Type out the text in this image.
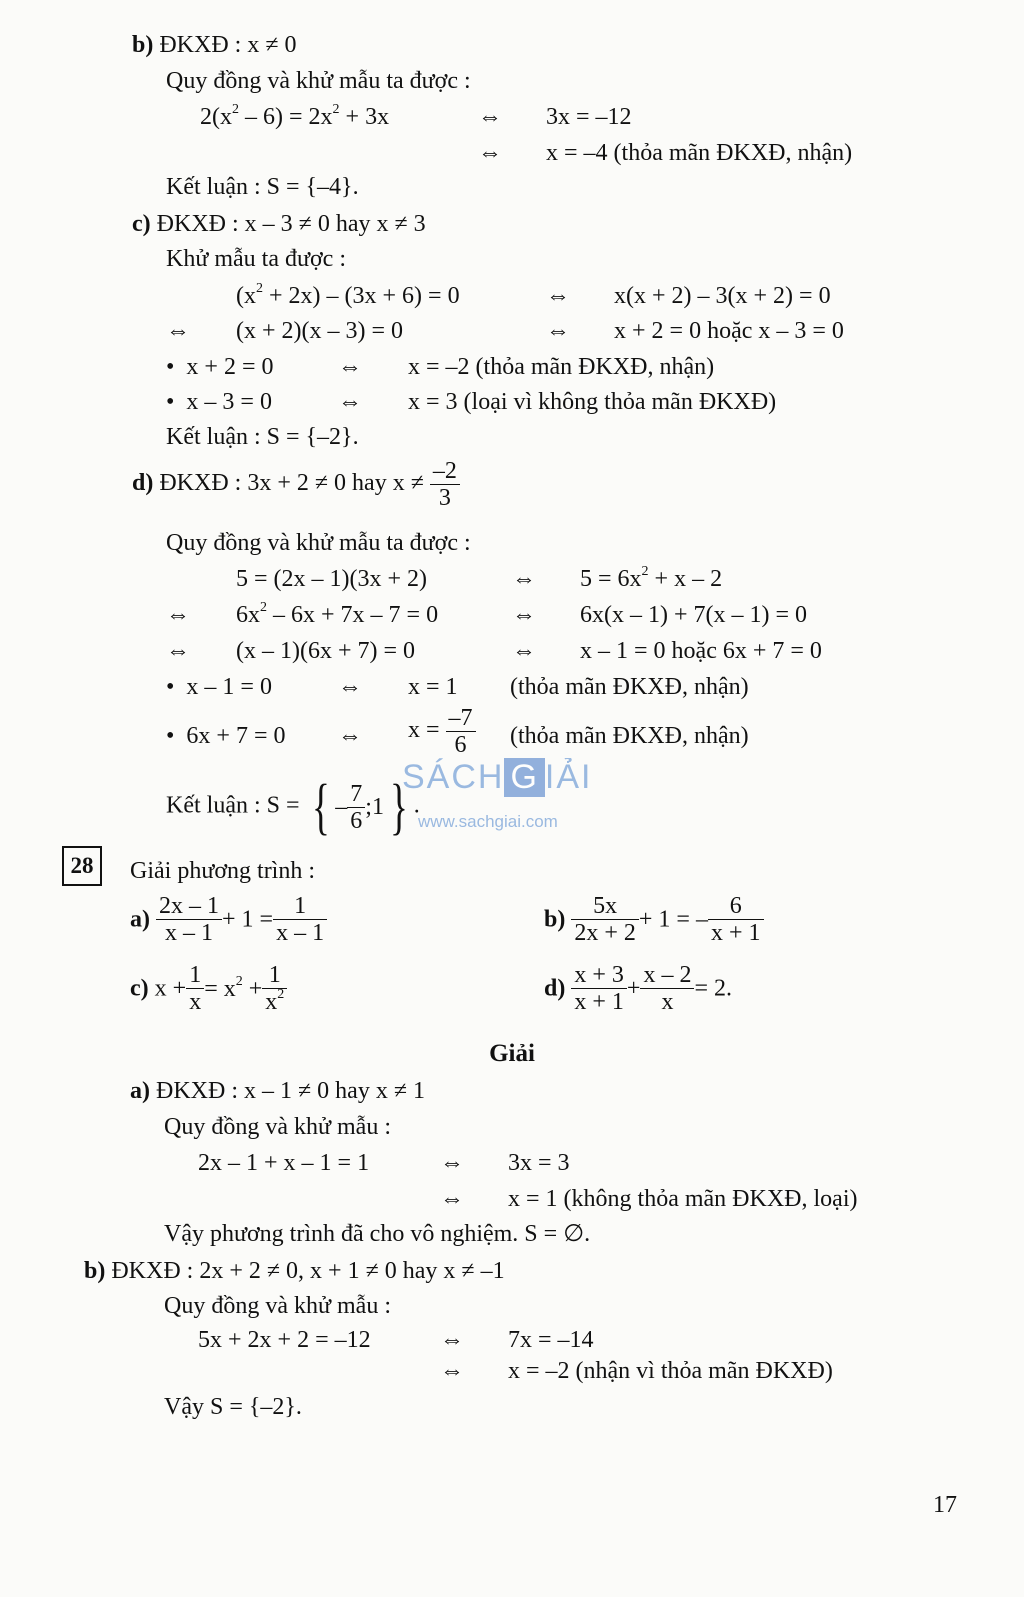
b) ĐKXĐ : x ≠ 0
Quy đồng và khử mẫu ta được :
$2(x^2 - 6) = 2x^2 + 3x$	⇔ 3x = –12
⇔ x = –4 (thỏa mãn ĐKXĐ, nhận)
Kết luận : S = {–4}.
c) ĐKXĐ : x – 3 ≠ 0 hay x ≠ 3
Khử mẫu ta được :
$(x^2 + 2x) - (3x + 6) = 0$	⇔ x(x + 2) – 3(x + 2) = 0
⇔ (x + 2)(x – 3) = 0	⇔ x + 2 = 0 hoặc x – 3 = 0
•  x + 2 = 0	⇔ x = –2 (thỏa mãn ĐKXĐ, nhận)
•  x – 3 = 0	⇔ x = 3 (loại vì không thỏa mãn ĐKXĐ)
Kết luận : S = {–2}.
d) ĐKXĐ : 3x + 2 ≠ 0 hay $x \ne \frac{-2}{3}$
Quy đồng và khử mẫu ta được :
5 = (2x – 1)(3x + 2)	⇔ $5 = 6x^2 + x - 2$
⇔ $6x^2 - 6x + 7x - 7 = 0$	⇔ 6x(x – 1) + 7(x – 1) = 0
⇔ (x – 1)(6x + 7) = 0	⇔ x – 1 = 0 hoặc 6x + 7 = 0
•  x – 1 = 0	⇔ x = 1 (thỏa mãn ĐKXĐ, nhận)
•  6x + 7 = 0 ⇔ $x = \frac{-7}{6}$ (thỏa mãn ĐKXĐ, nhận)
SÁCH G IẢI
www.sachgiai.com
Kết luận : S = { – $\frac{7}{6}$ ;1} .
28	Giải phương trình :
$a) \frac{2x - 1}{x - 1} + 1 = \frac{1}{x - 1}$	$b) \frac{5x}{2x + 2} + 1$ = – $\frac{6}{x + 1}$
c) $x + \frac{1}{x} = x^2 + \frac{1}{x^2}$	$d) \frac{x + 3}{x + 1} + \frac{x - 2}{x} = 2$.
Giải
a) ĐKXĐ : x – 1 ≠ 0 hay x ≠ 1
Quy đồng và khử mẫu :
2x – 1 + x – 1 = 1	⇔ 3x = 3
⇔ x = 1 (không thỏa mãn ĐKXĐ, loại)
Vậy phương trình đã cho vô nghiệm. S = ∅.
b) ĐKXĐ : 2x + 2 ≠ 0, x + 1 ≠ 0 hay x ≠ –1
Quy đồng và khử mẫu :
5x + 2x + 2 = –12	⇔ 7x = –14
⇔ x = –2 (nhận vì thỏa mãn ĐKXĐ)
Vậy S = {–2}.
17
